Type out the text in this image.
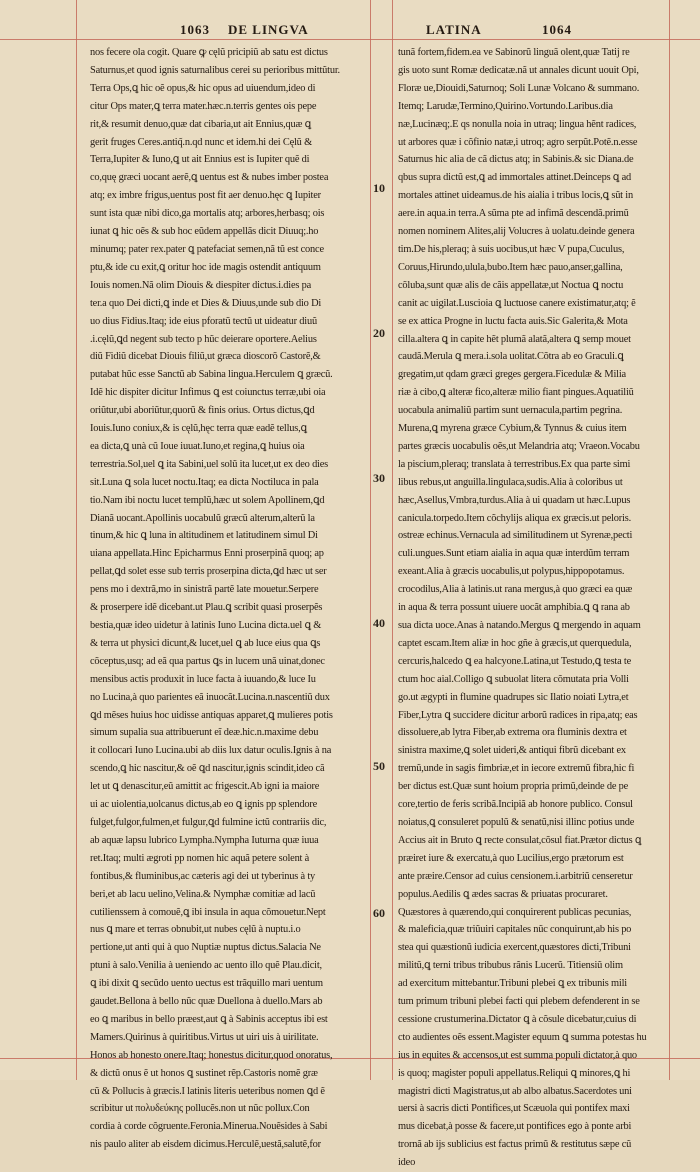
1063 DE LINGVA	LATINA	1064
nos fecere ola cogit. Quare ꝙ cęlũ pricipiũ ab satu est dictus
Saturnus,et quod ignis saturnalibus cerei su perioribus mittũtur.
Terra Ops,ꝗ hic oẽ opus,& hic opus ad uiuendum,ideo di
citur Ops mater,ꝗ terra mater.hæc.n.terris gentes ois pepe
rit,& resumit denuo,quæ dat cibaria,ut ait Ennius,quæ ꝗ
gerit fruges Ceres.antiq̃.n.qd nunc et idem.hi dei Cęlũ &
Terra,Iupiter & Iuno,ꝗ ut ait Ennius est is Iupiter quẽ di
co,quę græci uocant aerẽ,ꝗ uentus est & nubes imber postea
atq; ex imbre frigus,uentus post fit aer denuo.hęc ꝗ Iupiter
sunt ista quæ nibi dico,ga mortalis atq; arbores,herbasq; ois
iunat ꝗ hic oẽs & sub hoc eũdem appellãs dicit Diuuq;.ho
minumq; pater rex.pater ꝗ patefaciat semen,nã tũ est conce
ptu,& ide cu exit,ꝗ oritur hoc ide magis ostendit antiquum
Iouis nomen.Nã olim Diouis & diespiter dictus.i.dies pa
ter.a quo Dei dicti,ꝗ inde et Dies & Diuus,unde sub dio Di
uo dius Fidius.Itaq; ide eius pforatũ tectũ ut uideatur diuũ
.i.cęlũ,ꝗd negent sub tecto p hũc deierare oportere.Aelius
diũ Fidiũ dicebat Diouis filiũ,ut græca dioscorõ Castorẽ,&
putabat hũc esse Sanctũ ab Sabina lingua.Herculem ꝗ græcũ.
Idẽ hic dispiter dicitur Infimus ꝗ est coiunctus terræ,ubi oia
oriũtur,ubi aboriũtur,quorũ & finis orius. Ortus dictus,ꝗd
Iouis.Iuno coniux,& is cęlũ,hęc terra quæ eadẽ tellus,ꝗ
ea dicta,ꝗ unà cũ Ioue iuuat.Iuno,et regina,ꝗ huius oia
terrestria.Sol,uel ꝗ ita Sabini,uel solũ ita lucet,ut ex deo dies
sit.Luna ꝗ sola lucet noctu.Itaq; ea dicta Noctiluca in pala
tio.Nam ibi noctu lucet templũ,hæc ut solem Apollinem,ꝗd
Dianã uocant.Apollinis uocabulũ græcũ alterum,alterũ la
tinum,& hic ꝗ luna in altitudinem et latitudinem simul Di
uiana appellata.Hinc Epicharmus Enni proserpinã quoq; ap
pellat,ꝗd solet esse sub terris proserpina dicta,ꝗd hæc ut ser
pens mo i dextrã,mo in sinistrã partẽ late mouetur.Serpere
& proserpere idẽ dicebant.ut Plau.ꝗ scribit quasi proserpẽs
bestia,quæ ideo uidetur à latinis Iuno Lucina dicta.uel ꝗ &
& terra ut physici dicunt,& lucet,uel ꝗ ab luce eius qua ꝗs
cõceptus,usq; ad eã qua partus ꝗs in lucem unã uinat,donec
mensibus actis produxit in luce facta à iuuando,& luce Iu
no Lucina,à quo parientes eã inuocãt.Lucina.n.nascentiũ dux
ꝗd mẽses huius hoc uidisse antiquas apparet,ꝗ mulieres potis
simum supalia sua attribuerunt eĩ deæ.hic.n.maxime debu
it collocari Iuno Lucina.ubi ab diis lux datur oculis.Ignis à na
scendo,ꝗ hic nascitur,& oẽ ꝗd nascitur,ignis scindit,ideo cã
let ut ꝗ denascitur,eũ amittit ac frigescit.Ab igni ia maiore
ui ac uiolentia,uolcanus dictus,ab eo ꝗ ignis pp splendore
fulget,fulgor,fulmen,et fulgur,ꝗd fulmine ictũ contrariis dic,
ab aquæ lapsu lubrico Lympha.Nympha Iuturna quæ iuua
ret.Itaq; multi ægroti pp nomen hic aquã petere solent à
fontibus,& fluminibus,ac cæteris agi dei ut tyberinus à ty
beri,et ab lacu uelino,Velina.& Nymphæ comitiæ ad lacũ
cutilienssem à comouẽ,ꝗ ibi insula in aqua cõmouetur.Nept
nus ꝗ mare et terras obnubit,ut nubes cęlũ à nuptu.i.o
pertione,ut anti qui à quo Nuptiæ nuptus dictus.Salacia Ne
ptuni à salo.Venilia à ueniendo ac uento illo quẽ Plau.dicit,
ꝗ ibi dixit ꝗ secũdo uento uectus est trãquillo mari uentum
gaudet.Bellona à bello nũc quæ Duellona à duello.Mars ab
eo ꝗ maribus in bello præest,aut ꝗ à Sabinis acceptus ibi est
Mamers.Quirinus à quiritibus.Virtus ut uiri uis à uirilitate.
Honos ab honesto onere.Itaq; honestus dicitur,quod onoratus,
& dictũ onus ẽ ut honos ꝗ sustinet rẽp.Castoris nomẽ græ
cũ & Pollucis à græcis.I latinis literis ueteribus nomen ꝗd ẽ
scribitur ut πολυδεύκης pollucẽs.non ut nũc pollux.Con
cordia à corde cõgruente.Feronia.Minerua.Nouẽsides à Sabi
nis paulo aliter ab eisdem dicimus.Herculẽ,uestã,salutẽ,for
tunã fortem,fidem.ea ve Sabinorũ linguã olent,quæ Tatij re
gis uoto sunt Romæ dedicatæ.nã ut annales dicunt uouit Opi,
Floræ ue,Diouidi,Saturnoq; Soli Lunæ Volcano & summano.
Itemq; Larudæ,Termino,Quirino.Vortundo.Laribus.dia
næ,Lucinæq;.E qs nonulla noia in utraq; lingua hẽnt radices,
ut arbores quæ i cõfinio natæ,i utroq; agro serpũt.Potẽ.n.esse
Saturnus hic alia de cã dictus atq; in Sabinis.& sic Diana.de
qbus supra dictũ est,ꝗ ad immortales attinet.Deinceps ꝗ ad
mortales attinet uideamus.de his aialia i tribus locis,ꝗ sũt in
aere.in aqua.in terra.A sũma pte ad infimã descendã.primũ
nomen nominem Alites,alij Volucres à uolatu.deinde genera
tim.De his,pleraq; à suis uocibus,ut hæc V pupa,Cuculus,
Coruus,Hirundo,ulula,bubo.Item hæc pauo,anser,gallina,
cõluba,sunt quæ alis de cãis appellatæ,ut Noctua ꝗ noctu
canit ac uigilat.Luscioia ꝗ luctuose canere existimatur,atq; ẽ
se ex attica Progne in luctu facta auis.Sic Galerita,& Mota
cilla.altera ꝗ in capite hẽt plumã alatã,altera ꝗ semp mouet
caudã.Merula ꝗ mera.i.sola uolitat.Cõtra ab eo Graculi.ꝗ
gregatim,ut qdam græci greges gergera.Ficedulæ & Milia
riæ à cibo,ꝗ alteræ fico,alteræ milio fiant pingues.Aquatiliũ
uocabula animaliũ partim sunt uernacula,partim pegrina.
Murena,ꝗ myrena græce Cybium,& Tynnus & cuius item
partes græcis uocabulis oẽs,ut Melandria atq; Vraeon.Vocabu
la piscium,pleraq; translata à terrestribus.Ex qua parte simi
libus rebus,ut anguilla.lingulaca,sudis.Alia à coloribus ut
hæc,Asellus,Vmbra,turdus.Alia à ui quadam ut hæc.Lupus
canicula.torpedo.Item cõchylijs aliqua ex græcis.ut peloris.
ostreæ echinus.Vernacula ad similitudinem ut Syrenæ,pecti
culi.ungues.Sunt etiam aialia in aqua quæ interdũm terram
exeant.Alia à græcis uocabulis,ut polypus,hippopotamus.
crocodilus,Alia à latinis.ut rana mergus,à quo græci ea quæ
in aqua & terra possunt uiuere uocãt amphibia.ꝗ ꝗ rana ab
sua dicta uoce.Anas à natando.Mergus ꝗ mergendo in aquam
captet escam.Item aliæ in hoc gñe à græcis,ut querquedula,
cercuris,halcedo ꝗ ea halcyone.Latina,ut Testudo,ꝗ testa te
ctum hoc aial.Colligo ꝗ subuolat litera cõmutata pria Volli
go.ut ægypti in flumine quadrupes sic Ilatio noiati Lytra,et
Fiber,Lytra ꝗ succidere dicitur arborũ radices in ripa,atq; eas
dissoluere,ab lytra Fiber,ab extrema ora fluminis dextra et
sinistra maxime,ꝗ solet uideri,& antiqui fibrũ dicebant ex
tremũ,unde in sagis fimbriæ,et in iecore extremũ fibra,hic fi
ber dictus est.Quæ sunt hoium propria primũ,deinde de pe
core,tertio de feris scribã.Incipiã ab honore publico. Consul
noiatus,ꝗ consuleret populũ & senatũ,nisi illinc potius unde
Accius ait in Bruto ꝗ recte consulat,cõsul fiat.Prætor dictus ꝗ
præiret iure & exercatu,à quo Lucilius,ergo prætorum est
ante præire.Censor ad cuius censionem.i.arbitriũ censeretur
populus.Aedilis ꝗ ædes sacras & priuatas procuraret.
Quæstores à quærendo,qui conquirerent publicas pecunias,
& maleficia,quæ triũuiri capitales nũc conquirunt,ab his po
stea qui quæstionũ iudicia exercent,quæstores dicti,Tribuni
militũ,ꝗ terni tribus tribubus rãnis Lucerũ. Titiensiũ olim
ad exercitum mittebantur.Tribuni plebei ꝗ ex tribunis mili
tum primum tribuni plebei facti qui plebem defenderent in se
cessione crustumerina.Dictator ꝗ à cõsule dicebatur,cuius di
cto audientes oẽs essent.Magister equum ꝗ summa potestas hu
ius in equites & accensos,ut est summa populi dictator,à quo
is quoq; magister populi appellatus.Reliqui ꝗ minores,ꝗ hi
magistri dicti Magistratus,ut ab albo albatus.Sacerdotes uni
uersi à sacris dicti Pontifices,ut Scæuola qui pontifex maxi
mus dicebat,à posse & facere,ut pontifices ego à ponte arbi
trornã ab ijs sublicius est factus primũ & restitutus sæpe cũ
ideo
10
20
30
40
50
60
